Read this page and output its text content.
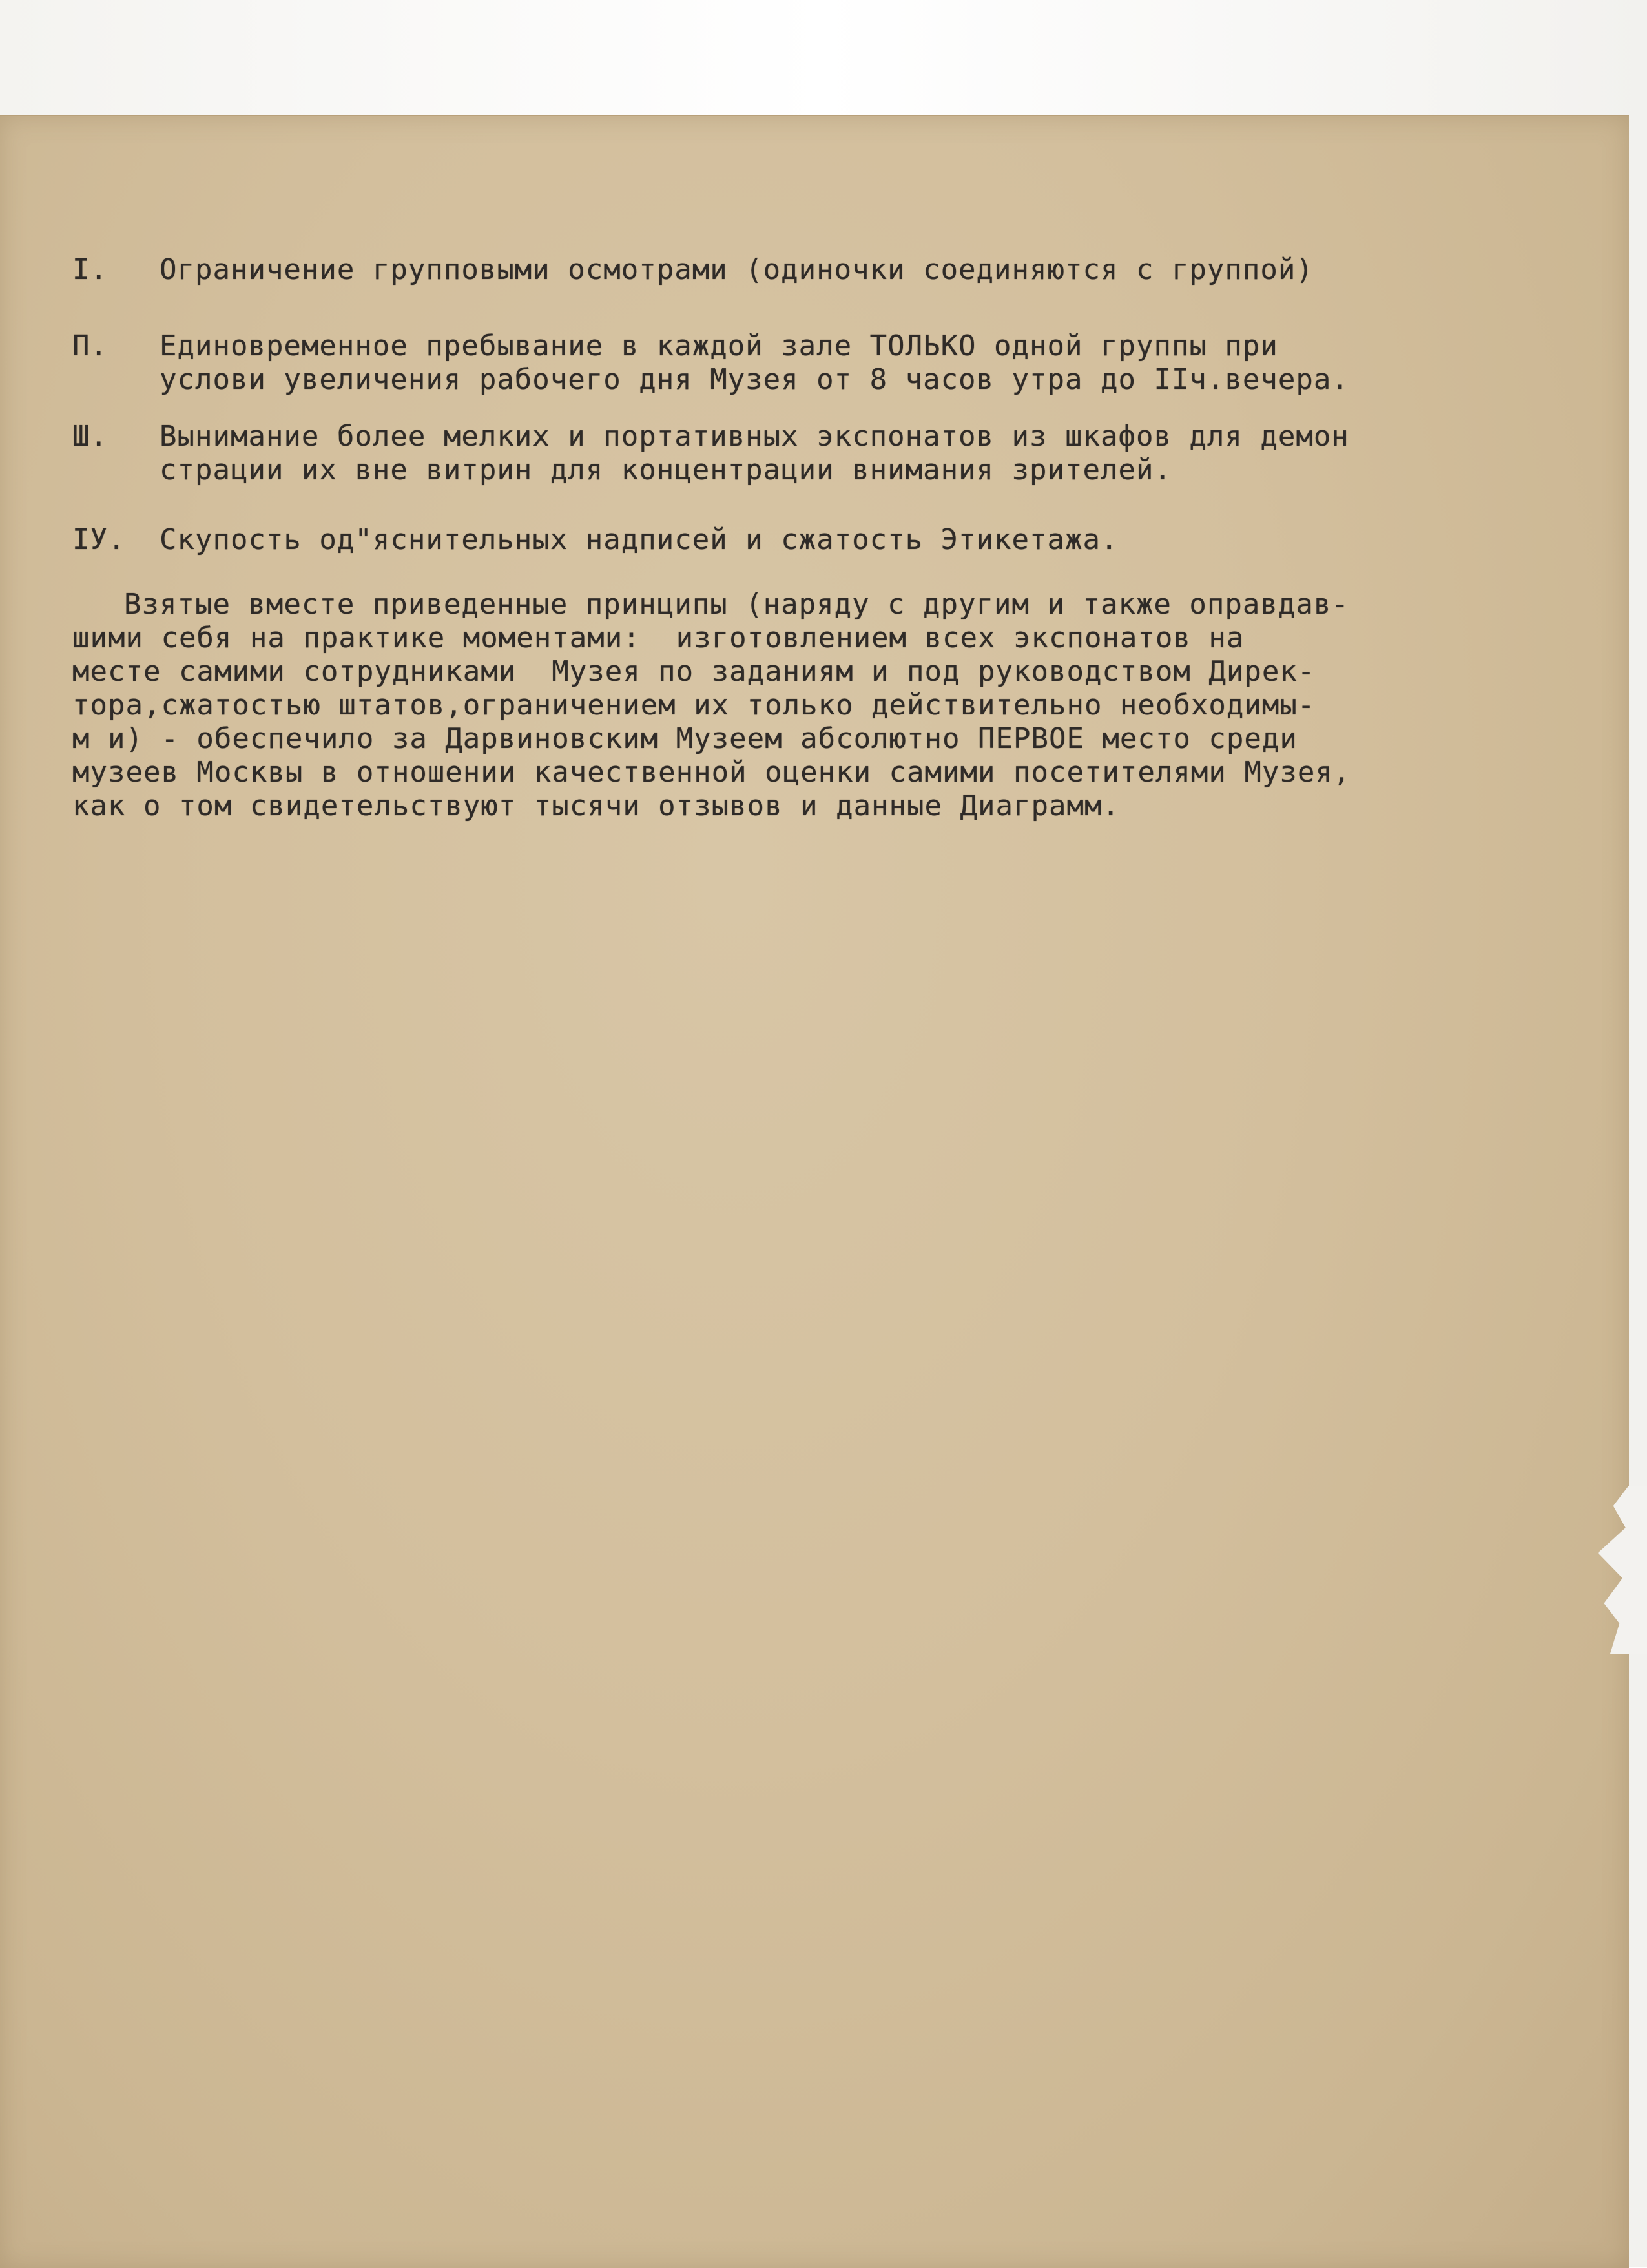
I.	Ограничение групповыми осмотрами (одиночки соединяются с группой)
П.	Единовременное пребывание в каждой зале ТОЛЬКО одной группы при
услови увеличения рабочего дня Музея от 8 часов утра до IIч.вечера.
Ш.	Вынимание более мелких и портативных экспонатов из шкафов для демон
страции их вне витрин для концентрации внимания зрителей.
IУ.	Скупость од"яснительных надписей и сжатость Этикетажа.
Взятые вместе приведенные принципы (наряду с другим и также оправдав-
шими себя на практике моментами:  изготовлением всех экспонатов на
месте самими сотрудниками  Музея по заданиям и под руководством Дирек-
тора,сжатостью штатов,ограничением их только действительно необходимы-
м и) - обеспечило за Дарвиновским Музеем абсолютно ПЕРВОЕ место среди
музеев Москвы в отношении качественной оценки самими посетителями Музея,
как о том свидетельствуют тысячи отзывов и данные Диаграмм.
